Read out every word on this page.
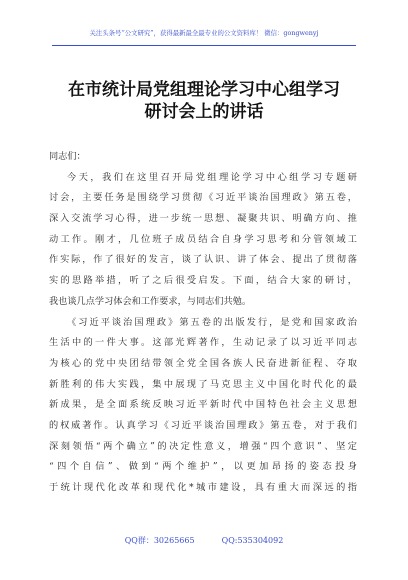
关注头条号“公文研究”，获得最新最全最专业的公文资料库！ 微信：gongwenyj
在市统计局党组理论学习中心组学习
研讨会上的讲话
同志们：
今天，我们在这里召开局党组理论学习中心组学习专题研
讨会，主要任务是围绕学习贯彻《习近平谈治国理政》第五卷，
深入交流学习心得，进一步统一思想、凝聚共识、明确方向、推
动工作。刚才，几位班子成员结合自身学习思考和分管领域工
作实际，作了很好的发言，谈了认识、讲了体会、提出了贯彻落
实的思路举措，听了之后很受启发。下面，结合大家的研讨，
我也谈几点学习体会和工作要求，与同志们共勉。
《习近平谈治国理政》第五卷的出版发行，是党和国家政治
生活中的一件大事。这部光辉著作，生动记录了以习近平同志
为核心的党中央团结带领全党全国各族人民奋进新征程、夺取
新胜利的伟大实践，集中展现了马克思主义中国化时代化的最
新成果，是全面系统反映习近平新时代中国特色社会主义思想
的权威著作。认真学习《习近平谈治国理政》第五卷，对于我们
深刻领悟“两个确立”的决定性意义，增强“四个意识”、坚定
“四个自信”、做到“两个维护”，以更加昂扬的姿态投身
于统计现代化改革和现代化*城市建设，具有重大而深远的指
QQ群：30265665	QQ:535304092
